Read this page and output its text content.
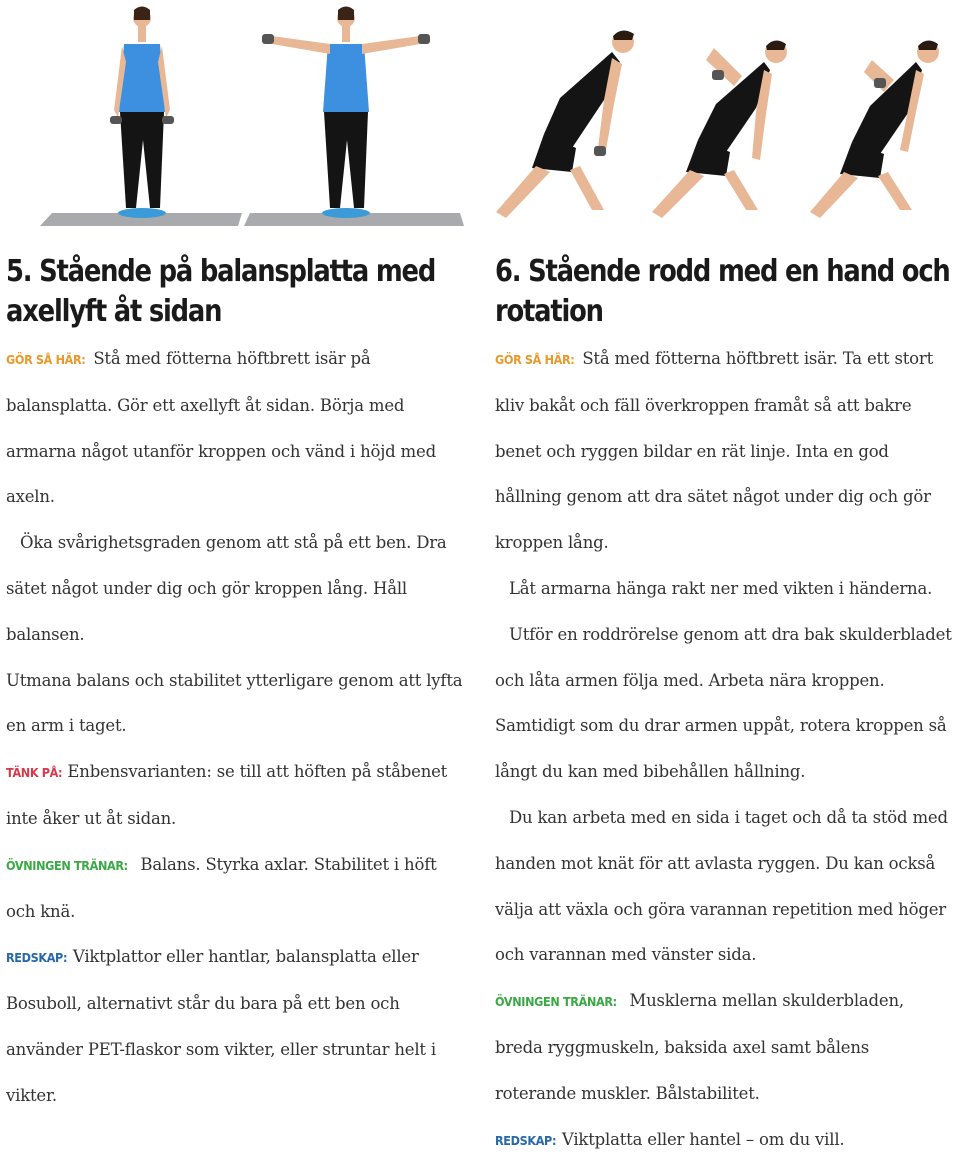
5. Stående på balansplatta med axellyft åt sidan

GÖR SÅ HÄR: Stå med fötterna höftbrett isär på balansplatta. Gör ett axellyft åt sidan. Börja med armarna något utanför kroppen och vänd i höjd med axeln.

Öka svårighetsgraden genom att stå på ett ben. Dra sätet något under dig och gör kroppen lång. Håll balansen.

Utmana balans och stabilitet ytterligare genom att lyfta en arm i taget.

TÄNK PÅ: Enbensvarianten: se till att höften på ståbenet inte åker ut åt sidan.

ÖVNINGEN TRÄNAR: Balans. Styrka axlar. Stabilitet i höft och knä.

REDSKAP: Viktplattor eller hantlar, balansplatta eller Bosuboll, alternativt står du bara på ett ben och använder PET-flaskor som vikter, eller struntar helt i vikter.

6. Stående rodd med en hand och rotation

GÖR SÅ HÄR: Stå med fötterna höftbrett isär. Ta ett stort kliv bakåt och fäll överkroppen framåt så att bakre benet och ryggen bildar en rät linje. Inta en god hållning genom att dra sätet något under dig och gör kroppen lång.

Låt armarna hänga rakt ner med vikten i händerna.

Utför en roddrörelse genom att dra bak skulderbladet och låta armen följa med. Arbeta nära kroppen. Samtidigt som du drar armen uppåt, rotera kroppen så långt du kan med bibehållen hållning.

Du kan arbeta med en sida i taget och då ta stöd med handen mot knät för att avlasta ryggen. Du kan också välja att växla och göra varannan repetition med höger och varannan med vänster sida.

ÖVNINGEN TRÄNAR: Musklerna mellan skulderbladen, breda ryggmuskeln, baksida axel samt bålens roterande muskler. Bålstabilitet.

REDSKAP: Viktplatta eller hantel – om du vill.
